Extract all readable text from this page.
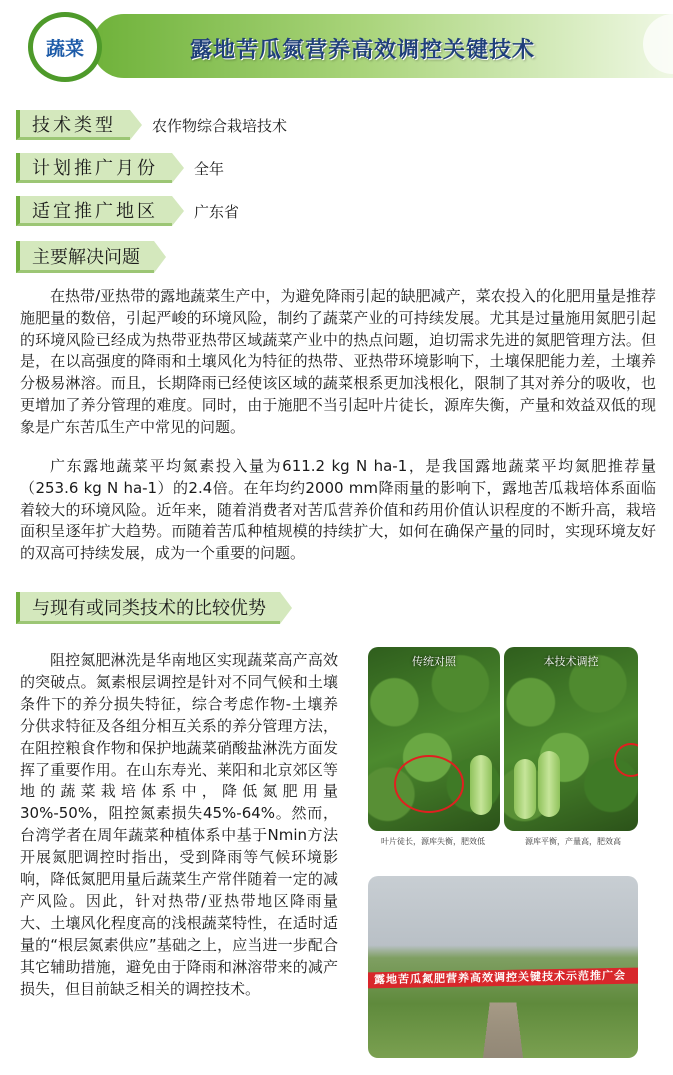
蔬菜	露地苦瓜氮营养高效调控关键技术
技术类型	农作物综合栽培技术
计划推广月份	全年
适宜推广地区	广东省
主要解决问题
在热带/亚热带的露地蔬菜生产中，为避免降雨引起的缺肥减产，菜农投入的化肥用量是推荐施肥量的数倍，引起严峻的环境风险，制约了蔬菜产业的可持续发展。尤其是过量施用氮肥引起的环境风险已经成为热带亚热带区域蔬菜产业中的热点问题，迫切需求先进的氮肥管理方法。但是，在以高强度的降雨和土壤风化为特征的热带、亚热带环境影响下，土壤保肥能力差，土壤养分极易淋溶。而且，长期降雨已经使该区域的蔬菜根系更加浅根化，限制了其对养分的吸收，也更增加了养分管理的难度。同时，由于施肥不当引起叶片徒长，源库失衡，产量和效益双低的现象是广东苦瓜生产中常见的问题。
广东露地蔬菜平均氮素投入量为611.2 kg N ha-1，是我国露地蔬菜平均氮肥推荐量（253.6 kg N ha-1）的2.4倍。在年均约2000 mm降雨量的影响下，露地苦瓜栽培体系面临着较大的环境风险。近年来，随着消费者对苦瓜营养价值和药用价值认识程度的不断升高，栽培面积呈逐年扩大趋势。而随着苦瓜种植规模的持续扩大，如何在确保产量的同时，实现环境友好的双高可持续发展，成为一个重要的问题。
与现有或同类技术的比较优势
阻控氮肥淋洗是华南地区实现蔬菜高产高效的突破点。氮素根层调控是针对不同气候和土壤条件下的养分损失特征，综合考虑作物-土壤养分供求特征及各组分相互关系的养分管理方法，在阻控粮食作物和保护地蔬菜硝酸盐淋洗方面发挥了重要作用。在山东寿光、莱阳和北京郊区等地的蔬菜栽培体系中，降低氮肥用量30%-50%，阻控氮素损失45%-64%。然而，台湾学者在周年蔬菜种植体系中基于Nmin方法开展氮肥调控时指出，受到降雨等气候环境影响，降低氮肥用量后蔬菜生产常伴随着一定的减产风险。因此，针对热带/亚热带地区降雨量大、土壤风化程度高的浅根蔬菜特性，在适时适量的“根层氮素供应”基础之上，应当进一步配合其它辅助措施，避免由于降雨和淋溶带来的减产损失，但目前缺乏相关的调控技术。
传统对照
叶片徒长，源库失衡，肥效低
本技术调控
源库平衡，产量高，肥效高
露地苦瓜氮肥营养高效调控关键技术示范推广会
